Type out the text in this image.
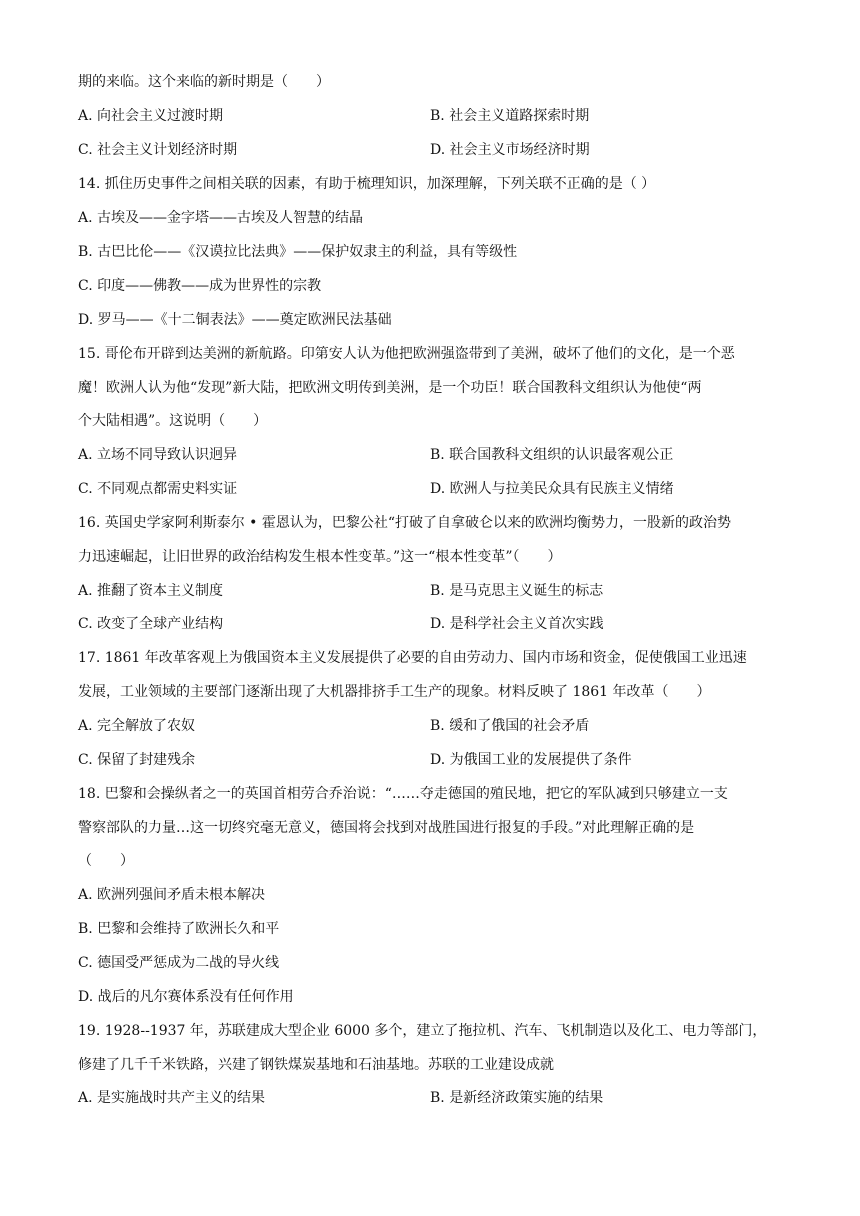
期的来临。这个来临的新时期是（　　）
A. 向社会主义过渡时期	B. 社会主义道路探索时期
C. 社会主义计划经济时期	D. 社会主义市场经济时期
14. 抓住历史事件之间相关联的因素，有助于梳理知识，加深理解，下列关联不正确的是（ ）
A. 古埃及——金字塔——古埃及人智慧的结晶
B. 古巴比伦——《汉谟拉比法典》——保护奴隶主的利益，具有等级性
C. 印度——佛教——成为世界性的宗教
D. 罗马——《十二铜表法》——奠定欧洲民法基础
15. 哥伦布开辟到达美洲的新航路。印第安人认为他把欧洲强盗带到了美洲，破坏了他们的文化，是一个恶
魔！欧洲人认为他“发现”新大陆，把欧洲文明传到美洲，是一个功臣！联合国教科文组织认为他使“两
个大陆相遇”。这说明（　　）
A. 立场不同导致认识迥异	B. 联合国教科文组织的认识最客观公正
C. 不同观点都需史料实证	D. 欧洲人与拉美民众具有民族主义情绪
16. 英国史学家阿利斯泰尔 • 霍恩认为，巴黎公社“打破了自拿破仑以来的欧洲均衡势力，一股新的政治势
力迅速崛起，让旧世界的政治结构发生根本性变革。”这一“根本性变革”（　　）
A. 推翻了资本主义制度	B. 是马克思主义诞生的标志
C. 改变了全球产业结构	D. 是科学社会主义首次实践
17. 1861 年改革客观上为俄国资本主义发展提供了必要的自由劳动力、国内市场和资金，促使俄国工业迅速
发展，工业领域的主要部门逐渐出现了大机器排挤手工生产的现象。材料反映了 1861 年改革（　　）
A. 完全解放了农奴	B. 缓和了俄国的社会矛盾
C. 保留了封建残余	D. 为俄国工业的发展提供了条件
18. 巴黎和会操纵者之一的英国首相劳合乔治说：“……夺走德国的殖民地，把它的军队减到只够建立一支
警察部队的力量…这一切终究毫无意义，德国将会找到对战胜国进行报复的手段。”对此理解正确的是
（　　）
A. 欧洲列强间矛盾未根本解决
B. 巴黎和会维持了欧洲长久和平
C. 德国受严惩成为二战的导火线
D. 战后的凡尔赛体系没有任何作用
19. 1928--1937 年，苏联建成大型企业 6000 多个，建立了拖拉机、汽车、飞机制造以及化工、电力等部门，
修建了几千千米铁路，兴建了钢铁煤炭基地和石油基地。苏联的工业建设成就
A. 是实施战时共产主义的结果	B. 是新经济政策实施的结果
